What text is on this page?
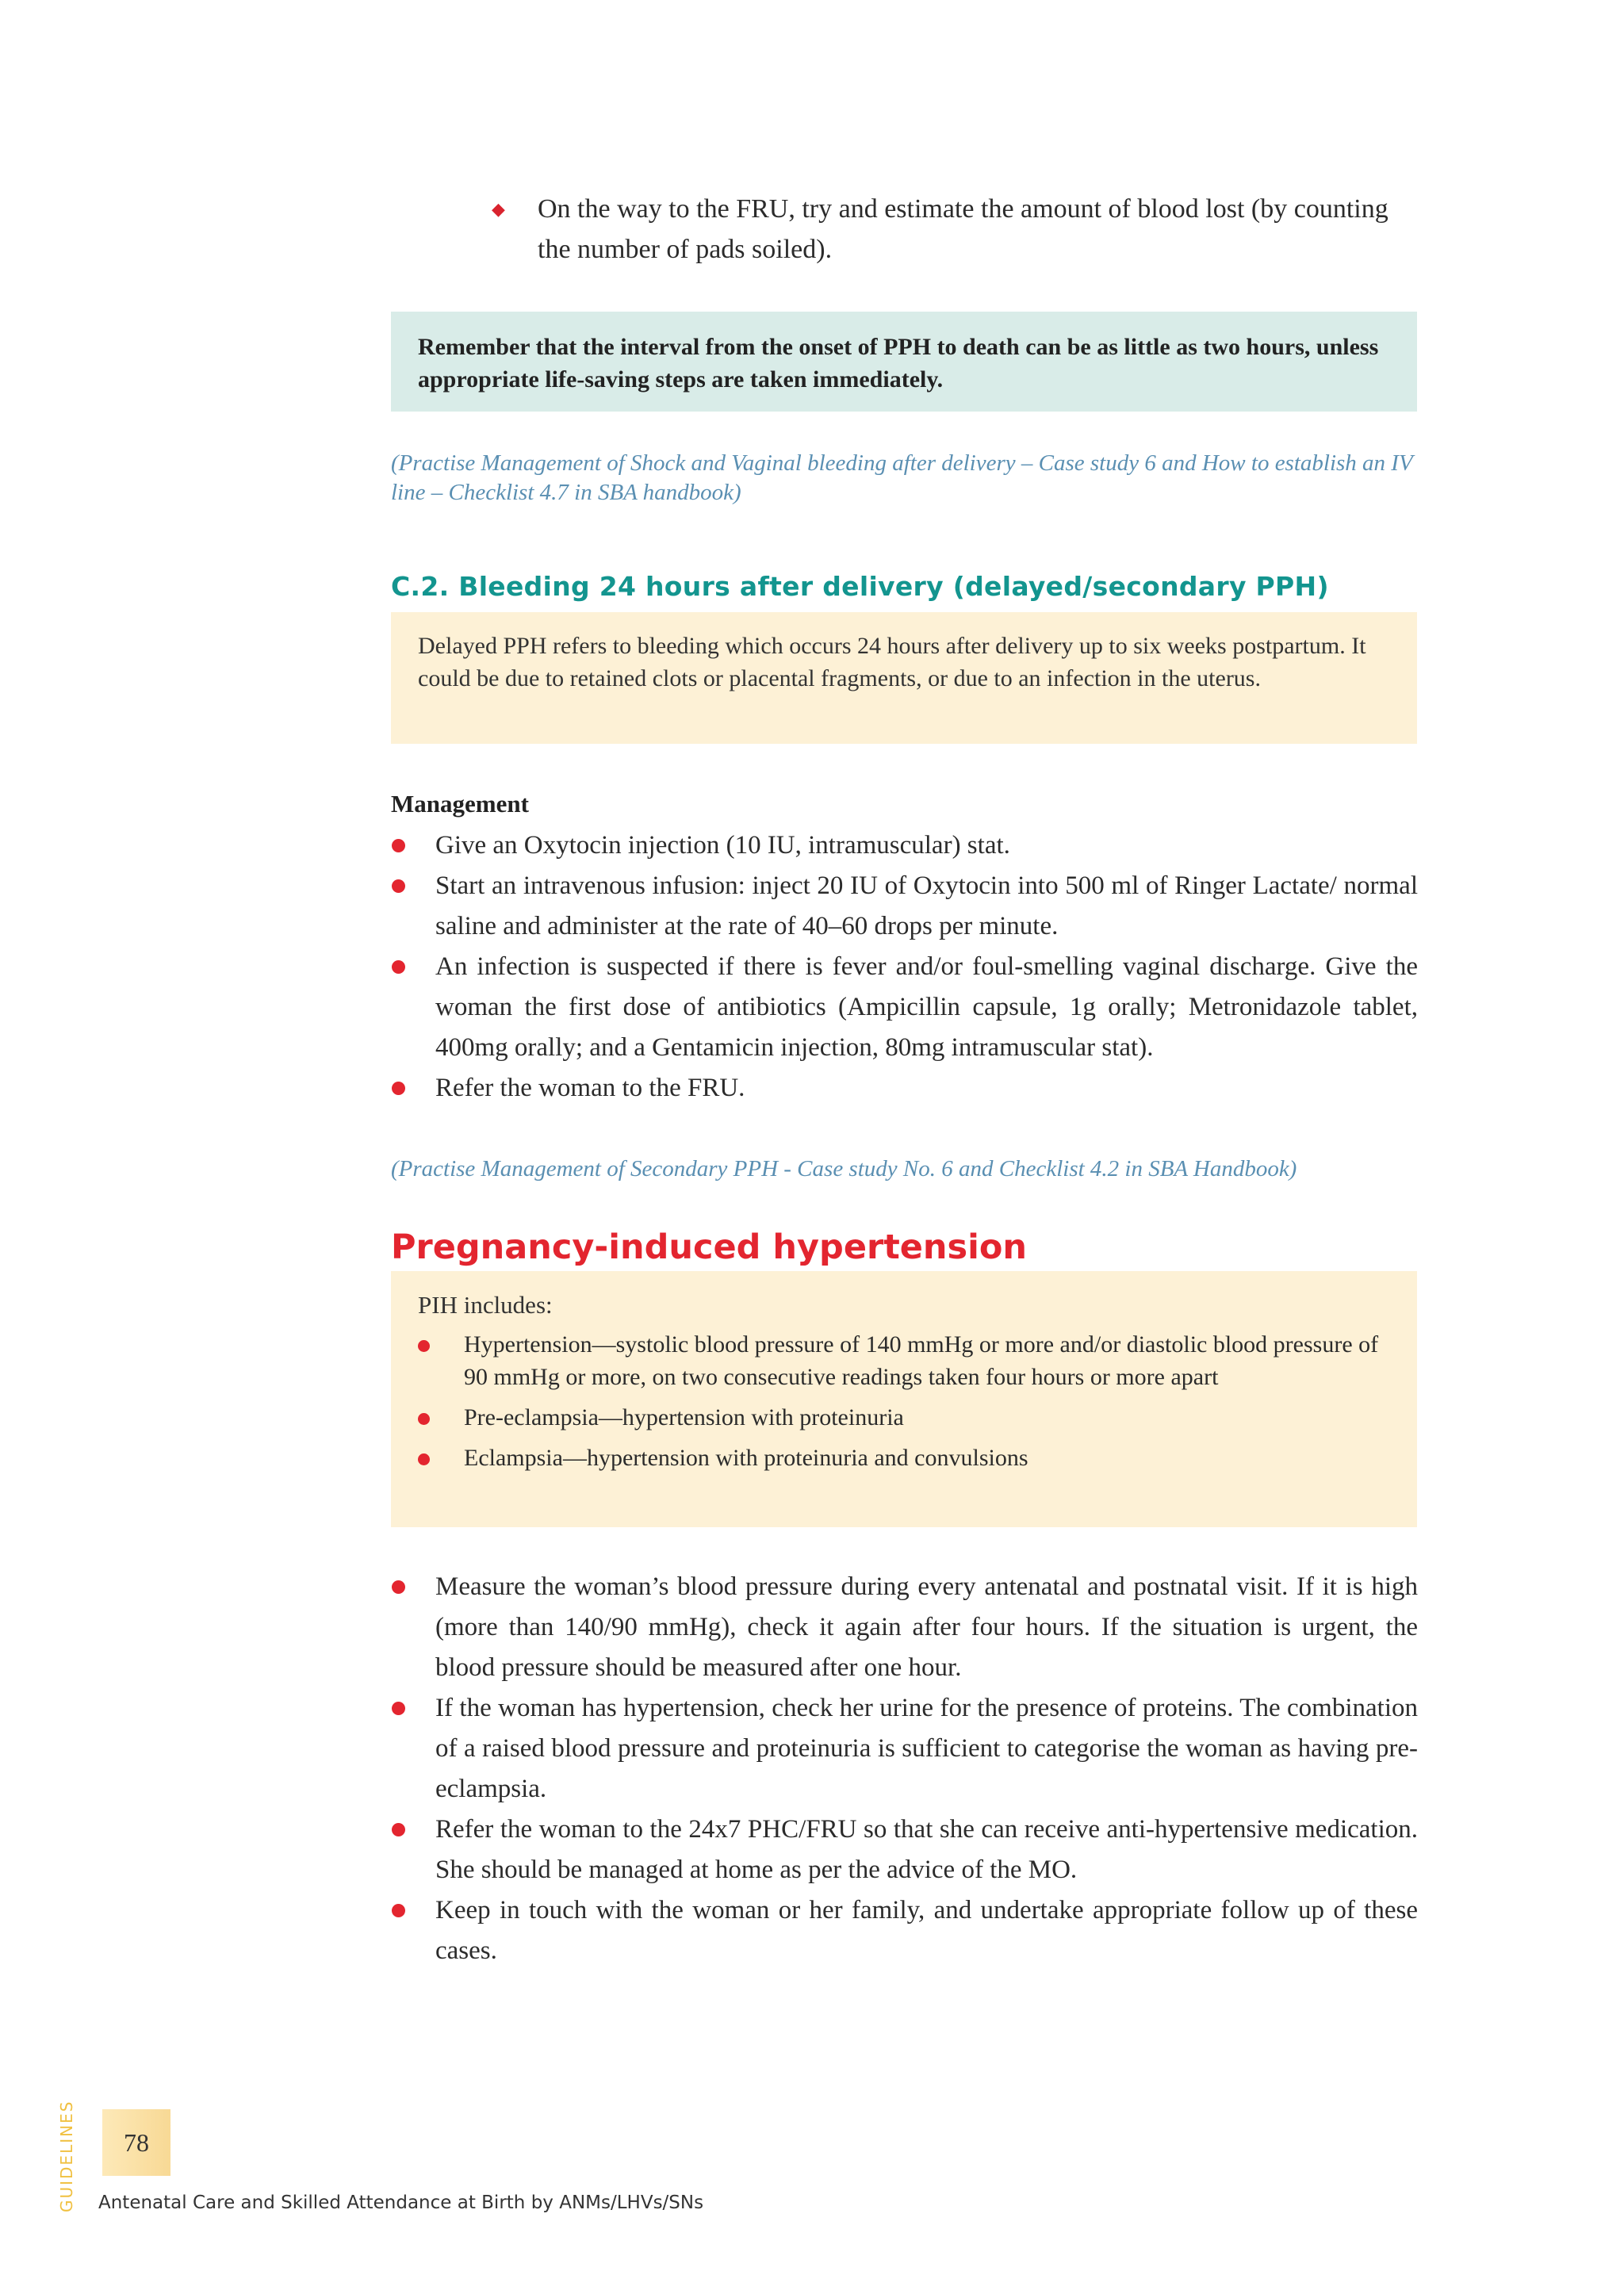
◆ On the way to the FRU, try and estimate the amount of blood lost (by counting the number of pads soiled).
Remember that the interval from the onset of PPH to death can be as little as two hours, unless appropriate life-saving steps are taken immediately.
(Practise Management of Shock and Vaginal bleeding after delivery – Case study 6 and How to establish an IV line – Checklist 4.7 in SBA handbook)
C.2. Bleeding 24 hours after delivery (delayed/secondary PPH)
Delayed PPH refers to bleeding which occurs 24 hours after delivery up to six weeks postpartum. It could be due to retained clots or placental fragments, or due to an infection in the uterus.
Management
Give an Oxytocin injection (10 IU, intramuscular) stat.
Start an intravenous infusion: inject 20 IU of Oxytocin into 500 ml of Ringer Lactate/ normal saline and administer at the rate of 40–60 drops per minute.
An infection is suspected if there is fever and/or foul-smelling vaginal discharge. Give the woman the first dose of antibiotics (Ampicillin capsule, 1g orally; Metronidazole tablet, 400mg orally; and a Gentamicin injection, 80mg intramuscular stat).
Refer the woman to the FRU.
(Practise Management of Secondary PPH - Case study No. 6 and Checklist 4.2 in SBA Handbook)
Pregnancy-induced hypertension
PIH includes:
Hypertension—systolic blood pressure of 140 mmHg or more and/or diastolic blood pressure of 90 mmHg or more, on two consecutive readings taken four hours or more apart
Pre-eclampsia—hypertension with proteinuria
Eclampsia—hypertension with proteinuria and convulsions
Measure the woman’s blood pressure during every antenatal and postnatal visit. If it is high (more than 140/90 mmHg), check it again after four hours. If the situation is urgent, the blood pressure should be measured after one hour.
If the woman has hypertension, check her urine for the presence of proteins. The combination of a raised blood pressure and proteinuria is sufficient to categorise the woman as having pre-eclampsia.
Refer the woman to the 24x7 PHC/FRU so that she can receive anti-hypertensive medication. She should be managed at home as per the advice of the MO.
Keep in touch with the woman or her family, and undertake appropriate follow up of these cases.
78
GUIDELINES Antenatal Care and Skilled Attendance at Birth by ANMs/LHVs/SNs
